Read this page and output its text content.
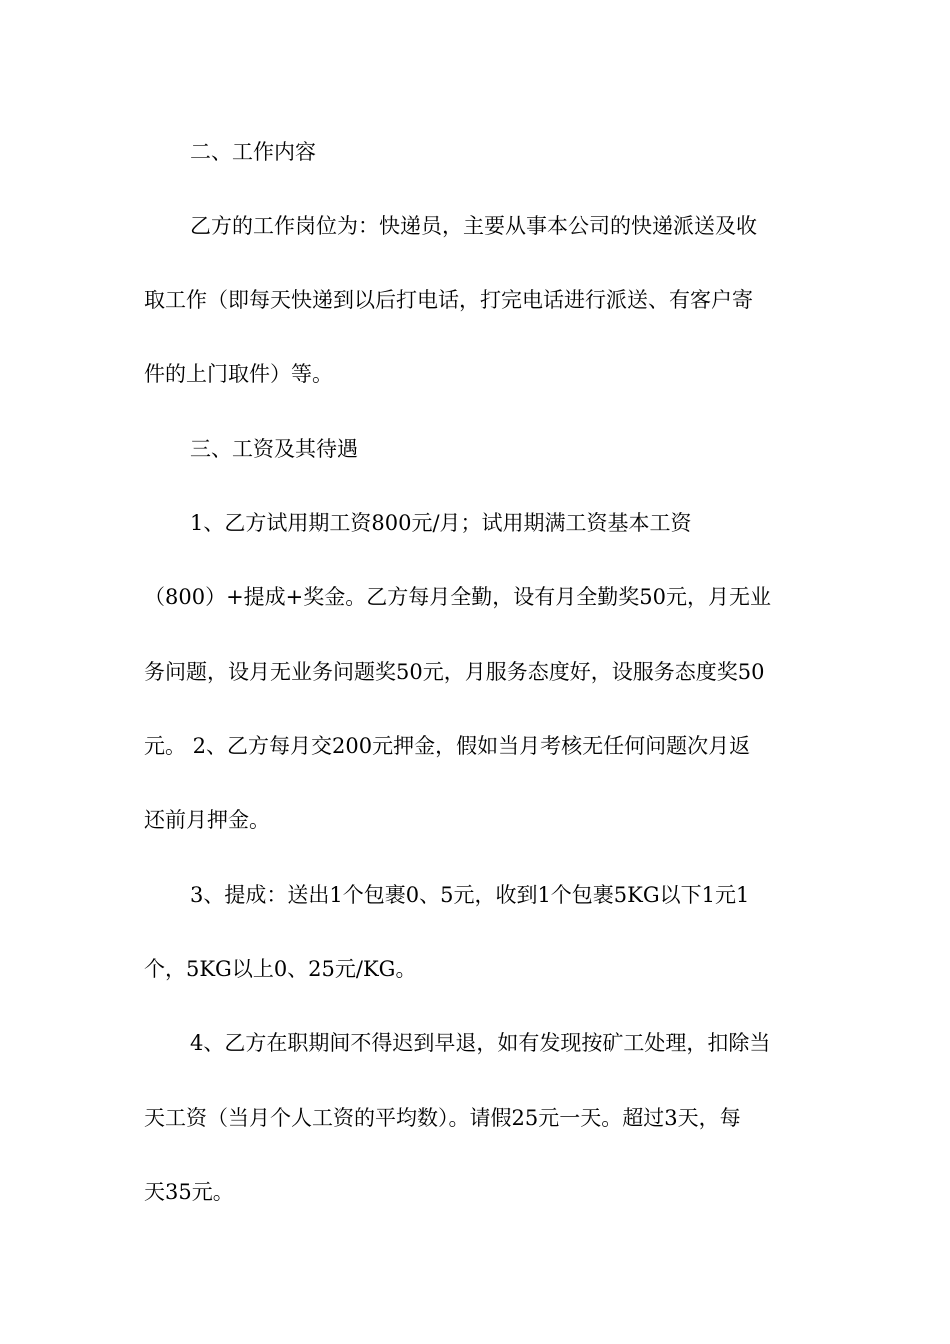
二、工作内容
乙方的工作岗位为：快递员，主要从事本公司的快递派送及收
取工作（即每天快递到以后打电话，打完电话进行派送、有客户寄
件的上门取件）等。
三、工资及其待遇
1、乙方试用期工资800元/月；试用期满工资基本工资
（800）+提成+奖金。乙方每月全勤，设有月全勤奖50元，月无业
务问题，设月无业务问题奖50元，月服务态度好，设服务态度奖50
元。 2、乙方每月交200元押金，假如当月考核无任何问题次月返
还前月押金。
3、提成：送出1个包裹0、5元，收到1个包裹5KG以下1元1
个，5KG以上0、25元/KG。
4、乙方在职期间不得迟到早退，如有发现按矿工处理，扣除当
天工资（当月个人工资的平均数）。请假25元一天。超过3天，每
天35元。
